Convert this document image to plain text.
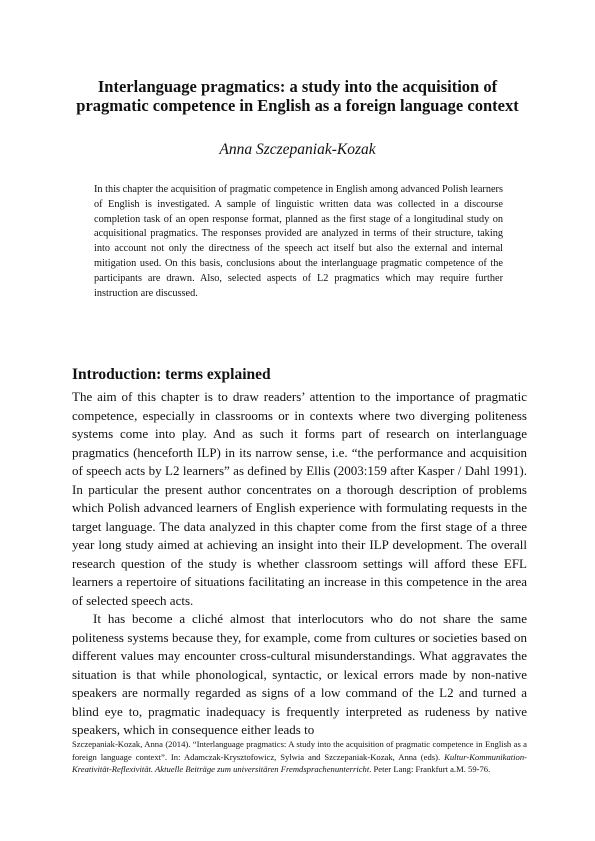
Interlanguage pragmatics: a study into the acquisition of pragmatic competence in English as a foreign language context
Anna Szczepaniak-Kozak

In this chapter the acquisition of pragmatic competence in English among advanced Polish learners of English is investigated. A sample of linguistic written data was collected in a discourse completion task of an open response format, planned as the first stage of a longitudinal study on acquisitional pragmatics. The responses provided are analyzed in terms of their structure, taking into account not only the directness of the speech act itself but also the external and internal mitigation used. On this basis, conclusions about the interlanguage pragmatic competence of the participants are drawn. Also, selected aspects of L2 pragmatics which may require further instruction are discussed.

Introduction: terms explained

The aim of this chapter is to draw readers’ attention to the importance of pragmatic competence, especially in classrooms or in contexts where two diverging politeness systems come into play. And as such it forms part of research on interlanguage pragmatics (henceforth ILP) in its narrow sense, i.e. “the performance and acquisition of speech acts by L2 learners” as defined by Ellis (2003:159 after Kasper / Dahl 1991). In particular the present author concentrates on a thorough description of problems which Polish advanced learners of English experience with formulating requests in the target language. The data analyzed in this chapter come from the first stage of a three year long study aimed at achieving an insight into their ILP development. The overall research question of the study is whether classroom settings will afford these EFL learners a repertoire of situations facilitating an increase in this competence in the area of selected speech acts.

It has become a cliché almost that interlocutors who do not share the same politeness systems because they, for example, come from cultures or societies based on different values may encounter cross-cultural misunderstandings. What aggravates the situation is that while phonological, syntactic, or lexical errors made by non-native speakers are normally regarded as signs of a low command of the L2 and turned a blind eye to, pragmatic inadequacy is frequently interpreted as rudeness by native speakers, which in consequence either leads to

Szczepaniak-Kozak, Anna (2014). “Interlanguage pragmatics: A study into the acquisition of pragmatic competence in English as a foreign language context”. In: Adamczak-Krysztofowicz, Sylwia and Szczepaniak-Kozak, Anna (eds). Kultur-Kommunikation-Kreativität-Reflexivität. Aktuelle Beiträge zum universitären Fremdsprachenunterricht. Peter Lang: Frankfurt a.M. 59-76.
